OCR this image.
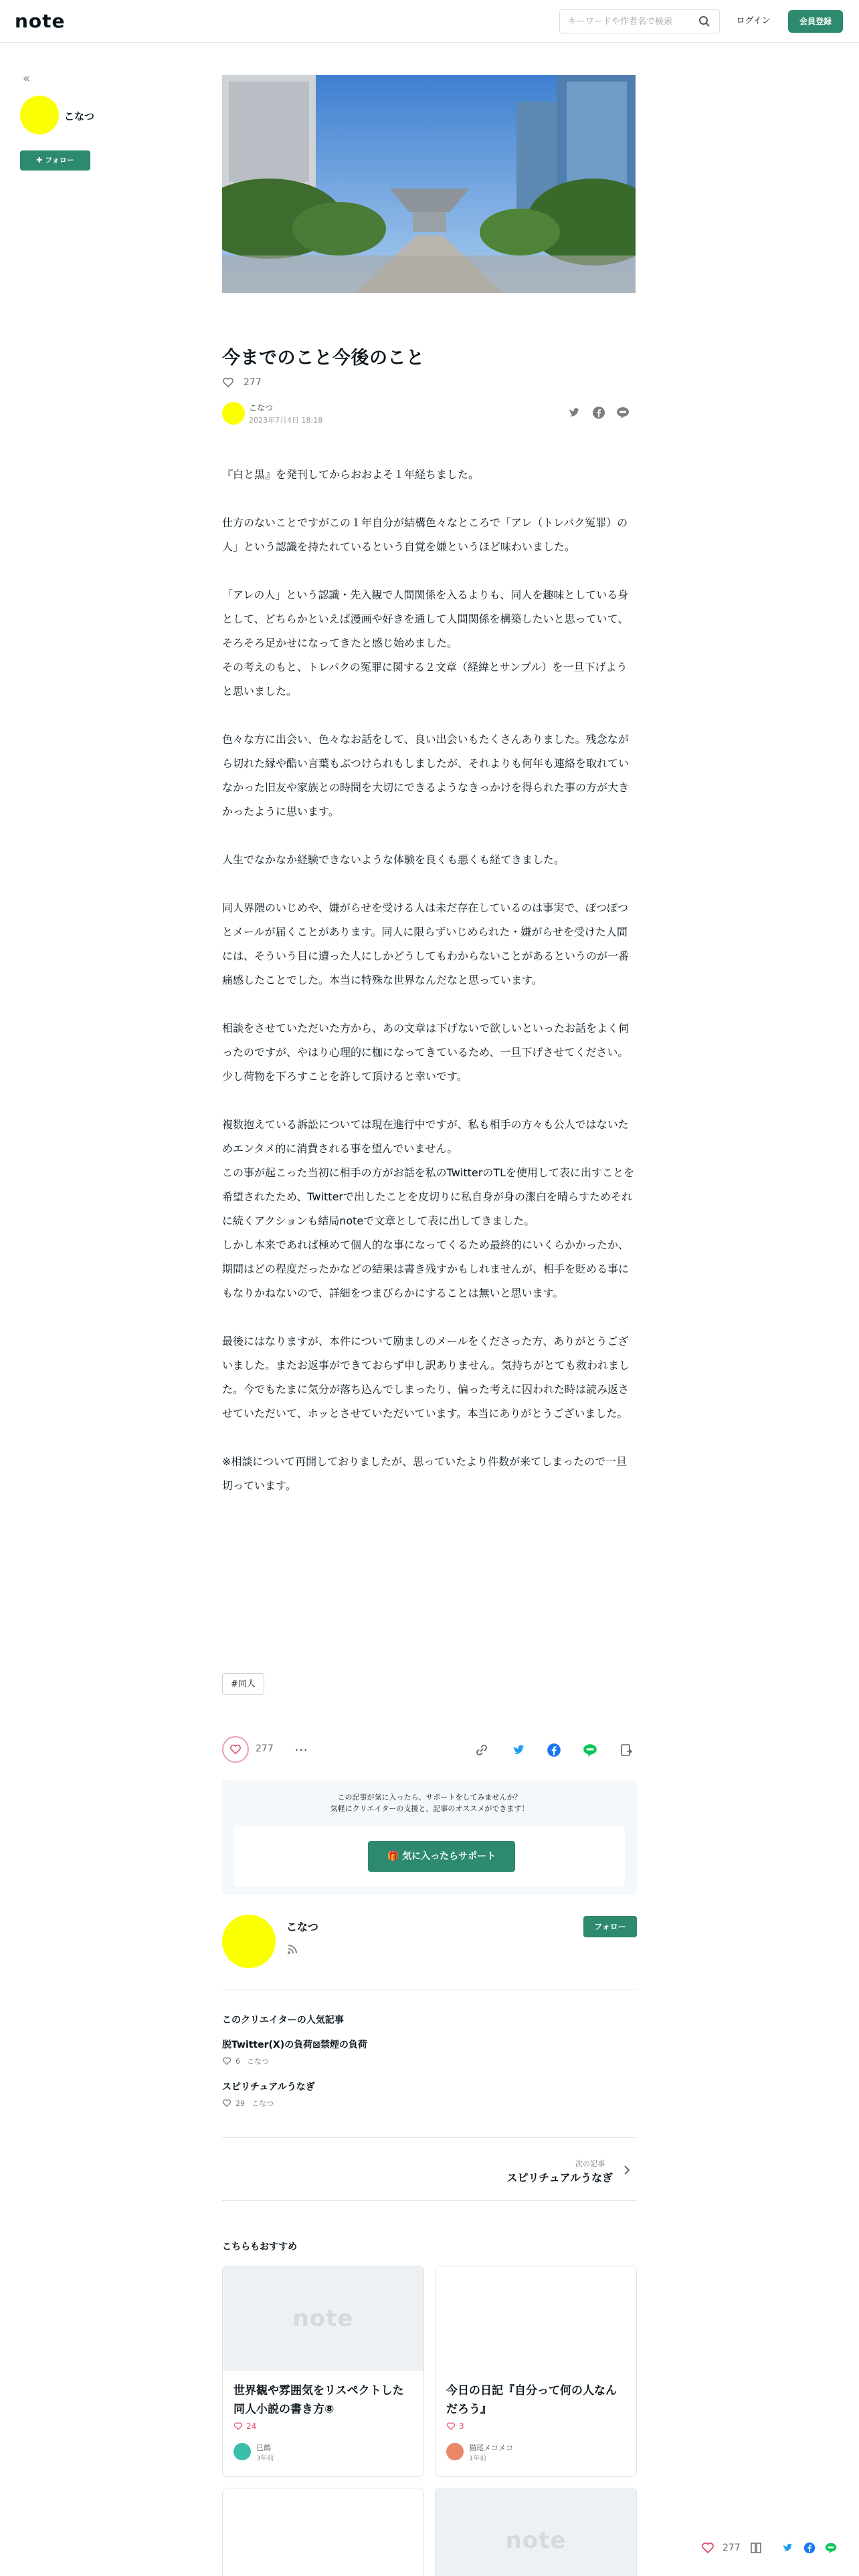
note
キーワードや作者名で検索	ログイン	会員登録
«
こなつ
✚ フォロー
今までのこと今後のこと
277
こなつ
2023年7月4日 18:18

『白と黒』を発刊してからおおよそ１年経ちました。

仕方のないことですがこの１年自分が結構色々なところで「アレ（トレパク冤罪）の人」という認識を持たれているという自覚を嫌というほど味わいました。

「アレの人」という認識・先入観で人間関係を入るよりも、同人を趣味としている身として、どちらかといえば漫画や好きを通して人間関係を構築したいと思っていて、そろそろ足かせになってきたと感じ始めました。

その考えのもと、トレパクの冤罪に関する２文章（経緯とサンプル）を一旦下げようと思いました。

色々な方に出会い、色々なお話をして、良い出会いもたくさんありました。残念ながら切れた縁や酷い言葉もぶつけられもしましたが、それよりも何年も連絡を取れていなかった旧友や家族との時間を大切にできるようなきっかけを得られた事の方が大きかったように思います。

人生でなかなか経験できないような体験を良くも悪くも経てきました。

同人界隈のいじめや、嫌がらせを受ける人は未だ存在しているのは事実で、ぽつぽつとメールが届くことがあります。同人に限らずいじめられた・嫌がらせを受けた人間には、そういう目に遭った人にしかどうしてもわからないことがあるというのが一番痛感したことでした。本当に特殊な世界なんだなと思っています。

相談をさせていただいた方から、あの文章は下げないで欲しいといったお話をよく伺ったのですが、やはり心理的に枷になってきているため、一旦下げさせてください。少し荷物を下ろすことを許して頂けると幸いです。

複数抱えている訴訟については現在進行中ですが、私も相手の方々も公人ではないためエンタメ的に消費される事を望んでいません。

この事が起こった当初に相手の方がお話を私のTwitterのTLを使用して表に出すことを希望されたため、Twitterで出したことを皮切りに私自身が身の潔白を晴らすためそれに続くアクションも結局noteで文章として表に出してきました。

しかし本来であれば極めて個人的な事になってくるため最終的にいくらかかったか、期間はどの程度だったかなどの結果は書き残すかもしれませんが、相手を貶める事にもなりかねないので、詳細をつまびらかにすることは無いと思います。

最後にはなりますが、本件について励ましのメールをくださった方、ありがとうございました。またお返事ができておらず申し訳ありません。気持ちがとても救われました。今でもたまに気分が落ち込んでしまったり、偏った考えに囚われた時は読み返させていただいて、ホッとさせていただいています。本当にありがとうございました。

※相談について再開しておりましたが、思っていたより件数が来てしまったので一旦切っています。

#同人
277 ⋯
この記事が気に入ったら、サポートをしてみませんか？
気軽にクリエイターの支援と、記事のオススメができます！
🎁 気に入ったらサポート
こなつ	フォロー
このクリエイターの人気記事
脱Twitter(X)の負荷⊠禁煙の負荷
6 こなつ
スピリチュアルうなぎ
29 こなつ
次の記事
スピリチュアルうなぎ
こちらもおすすめ
note
世界観や雰囲気をリスペクトした同人小説の書き方⑧
24
巳鶴
3年前
今日の日記『自分って何の人なんだろう』
3
猫尾メコメコ
1年前
note	277
